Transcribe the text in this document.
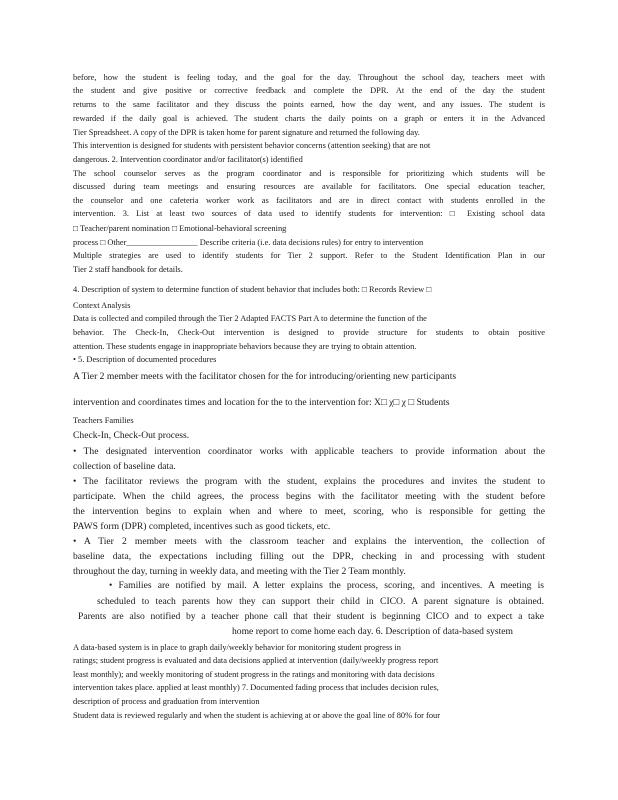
before, how the student is feeling today, and the goal for the day. Throughout the school day, teachers meet with
the student and give positive or corrective feedback and complete the DPR. At the end of the day the student
returns to the same facilitator and they discuss the points earned, how the day went, and any issues. The student is
rewarded if the daily goal is achieved. The student charts the daily points on a graph or enters it in the Advanced
Tier Spreadsheet. A copy of the DPR is taken home for parent signature and returned the following day.
This intervention is designed for students with persistent behavior concerns (attention seeking) that are not
dangerous. 2. Intervention coordinator and/or facilitator(s) identified
The school counselor serves as the program coordinator and is responsible for prioritizing which students will be
discussed during team meetings and ensuring resources are available for facilitators. One special education teacher,
the counselor and one cafeteria worker work as facilitators and are in direct contact with students enrolled in the
intervention. 3. List at least two sources of data used to identify students for intervention: □ Existing school data
□ Teacher/parent nomination □ Emotional-behavioral screening
process □ Other_________________ Describe criteria (i.e. data decisions rules) for entry to intervention
Multiple strategies are used to identify students for Tier 2 support. Refer to the Student Identification Plan in our
Tier 2 staff handbook for details.
4. Description of system to determine function of student behavior that includes both: □ Records Review □
Context Analysis
Data is collected and compiled through the Tier 2 Adapted FACTS Part A to determine the function of the
behavior. The Check-In, Check-Out intervention is designed to provide structure for students to obtain positive
attention. These students engage in inappropriate behaviors because they are trying to obtain attention.
• 5. Description of documented procedures
A Tier 2 member meets with the facilitator chosen for the for introducing/orienting new participants
intervention and coordinates times and location for the to the intervention for: X□ χ□ χ □ Students
Teachers Families
Check-In, Check-Out process.
• The designated intervention coordinator works with applicable teachers to provide information about the
collection of baseline data.
• The facilitator reviews the program with the student, explains the procedures and invites the student to
participate. When the child agrees, the process begins with the facilitator meeting with the student before
the intervention begins to explain when and where to meet, scoring, who is responsible for getting the
PAWS form (DPR) completed, incentives such as good tickets, etc.
• A Tier 2 member meets with the classroom teacher and explains the intervention, the collection of
baseline data, the expectations including filling out the DPR, checking in and processing with student
throughout the day, turning in weekly data, and meeting with the Tier 2 Team monthly.
• Families are notified by mail. A letter explains the process, scoring, and incentives. A meeting is
scheduled to teach parents how they can support their child in CICO. A parent signature is obtained.
Parents are also notified by a teacher phone call that their student is beginning CICO and to expect a take
home report to come home each day. 6. Description of data-based system
A data-based system is in place to graph daily/weekly behavior for monitoring student progress in
ratings; student progress is evaluated and data decisions applied at intervention (daily/weekly progress report
least monthly); and weekly monitoring of student progress in the ratings and monitoring with data decisions
intervention takes place. applied at least monthly) 7. Documented fading process that includes decision rules,
description of process and graduation from intervention
Student data is reviewed regularly and when the student is achieving at or above the goal line of 80% for four
